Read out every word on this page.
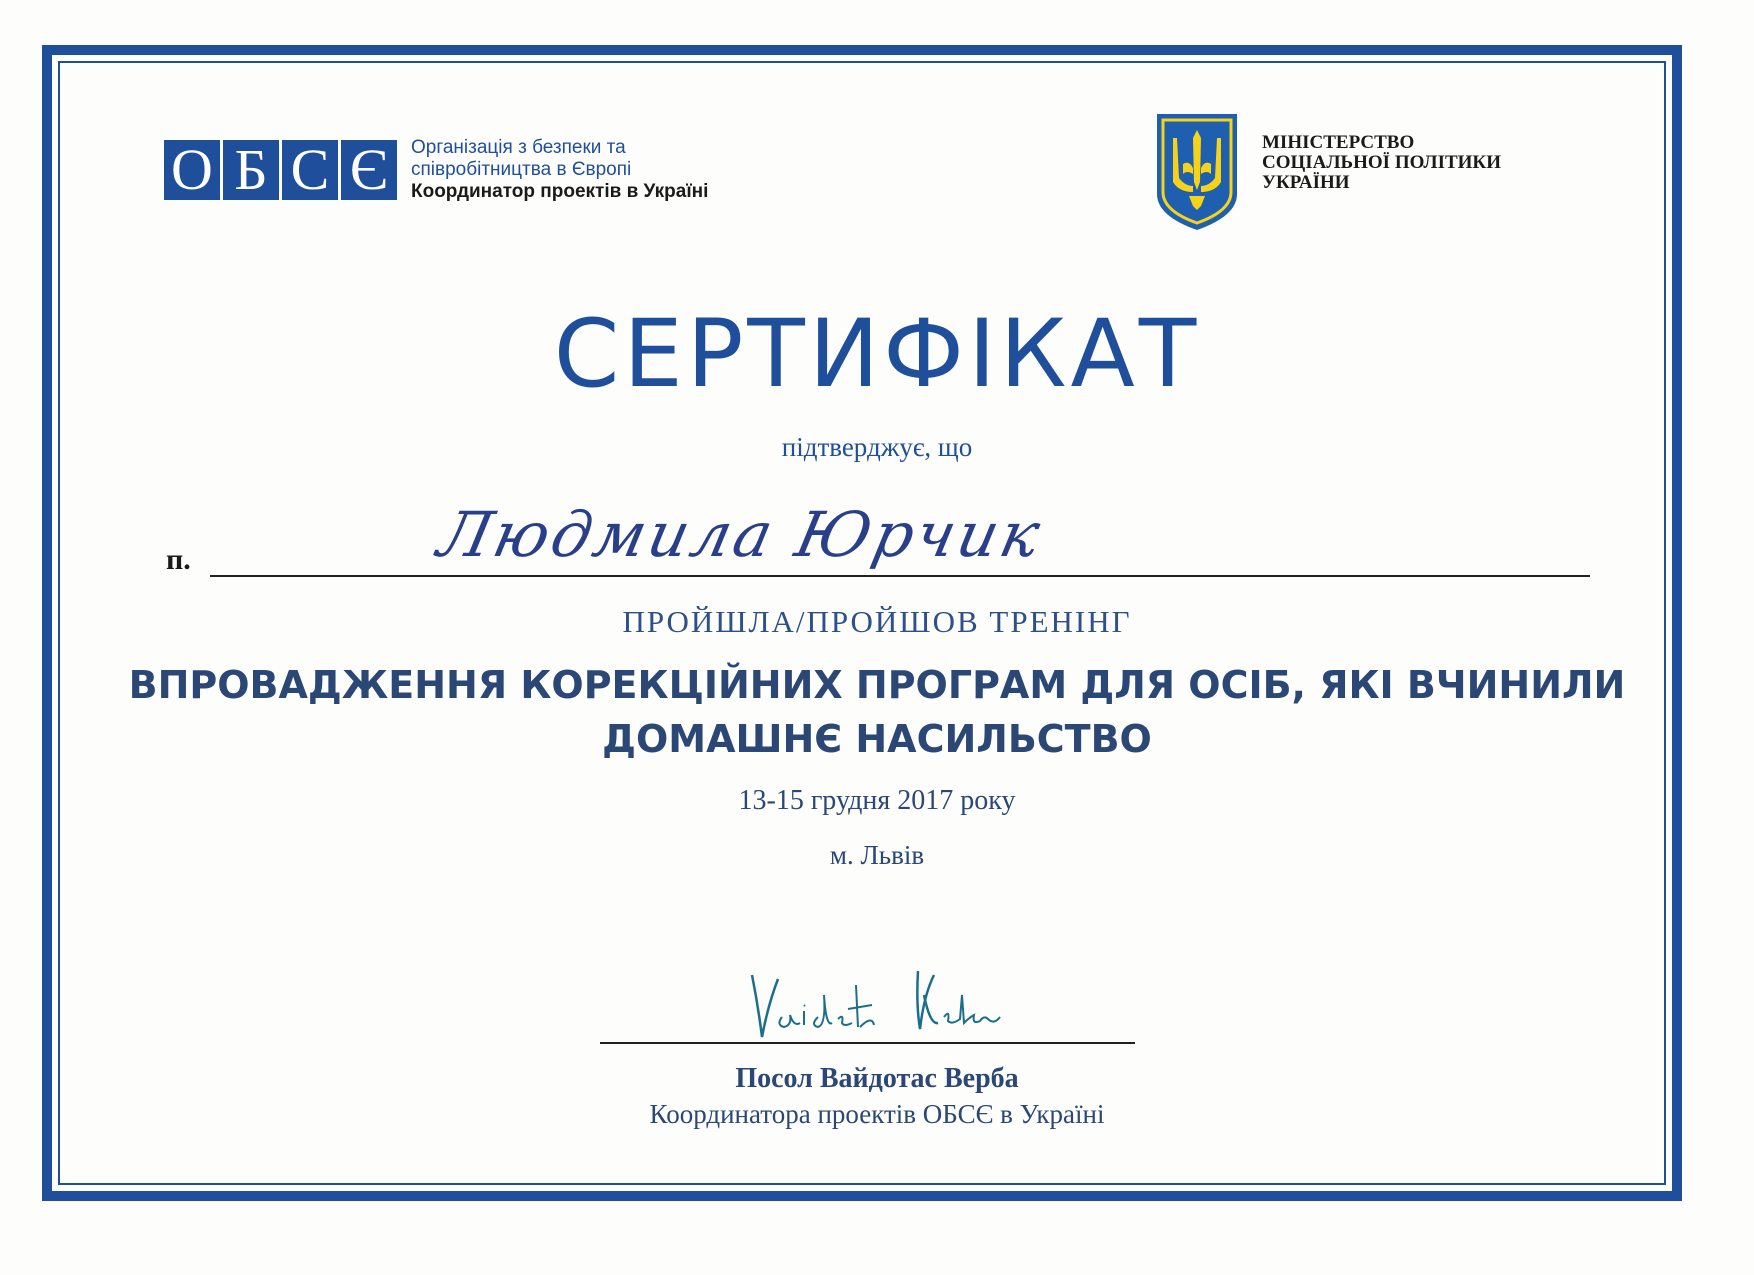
О Б С Є	Організація з безпеки та
співробітництва в Європі
Координатор проектів в Україні
МІНІСТЕРСТВО
СОЦІАЛЬНОЇ ПОЛІТИКИ
УКРАЇНИ
СЕРТИФІКАТ
підтверджує, що
п.	Людмила Юрчик
ПРОЙШЛА/ПРОЙШОВ ТРЕНІНГ
ВПРОВАДЖЕННЯ КОРЕКЦІЙНИХ ПРОГРАМ ДЛЯ ОСІБ, ЯКІ ВЧИНИЛИ
ДОМАШНЄ НАСИЛЬСТВО
13-15 грудня 2017 року
м. Львів
Посол Вайдотас Верба
Координатора проектів ОБСЄ в Україні
